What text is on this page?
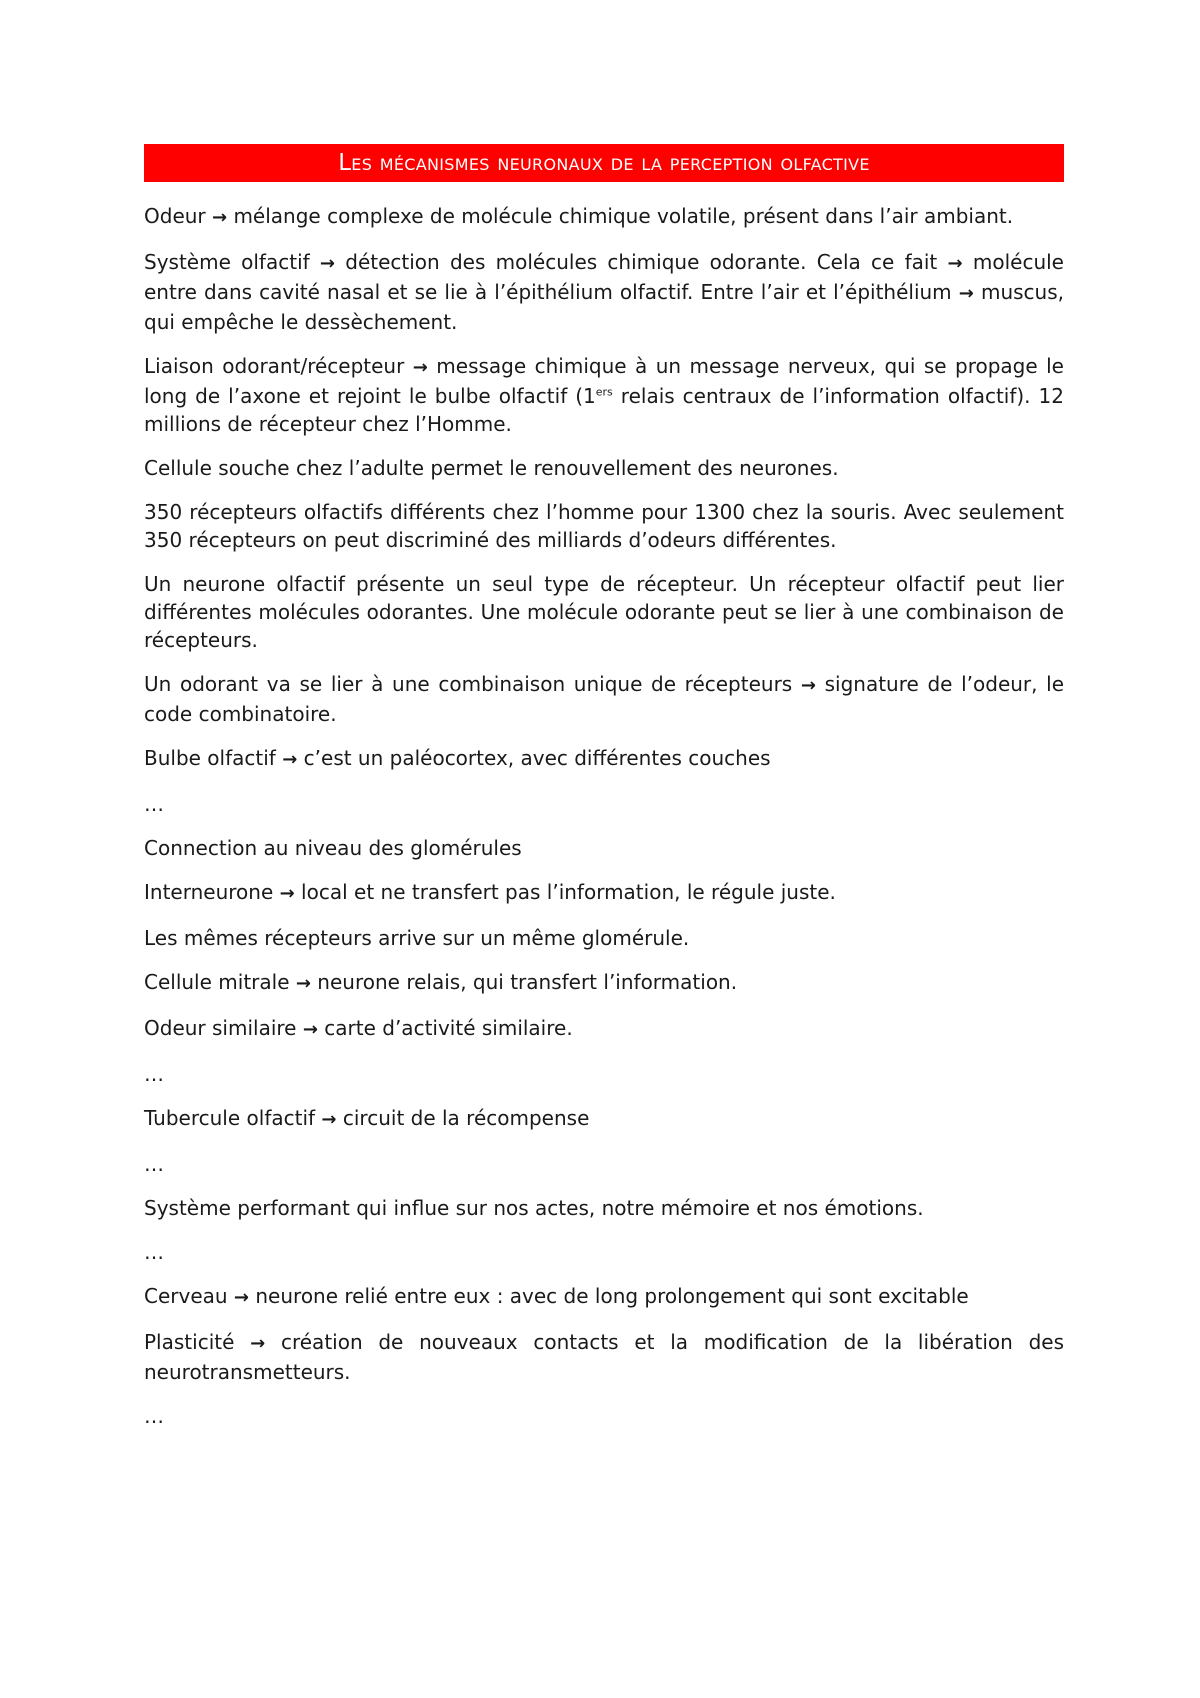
Les mécanismes neuronaux de la perception olfactive

Odeur → mélange complexe de molécule chimique volatile, présent dans l’air ambiant.

Système olfactif → détection des molécules chimique odorante. Cela ce fait → molécule entre dans cavité nasal et se lie à l’épithélium olfactif. Entre l’air et l’épithélium → muscus, qui empêche le dessèchement.

Liaison odorant/récepteur → message chimique à un message nerveux, qui se propage le long de l’axone et rejoint le bulbe olfactif (1ers relais centraux de l’information olfactif). 12 millions de récepteur chez l’Homme.

Cellule souche chez l’adulte permet le renouvellement des neurones.

350 récepteurs olfactifs différents chez l’homme pour 1300 chez la souris. Avec seulement 350 récepteurs on peut discriminé des milliards d’odeurs différentes.

Un neurone olfactif présente un seul type de récepteur. Un récepteur olfactif peut lier différentes molécules odorantes. Une molécule odorante peut se lier à une combinaison de récepteurs.

Un odorant va se lier à une combinaison unique de récepteurs → signature de l’odeur, le code combinatoire.

Bulbe olfactif → c’est un paléocortex, avec différentes couches

…

Connection au niveau des glomérules

Interneurone → local et ne transfert pas l’information, le régule juste.

Les mêmes récepteurs arrive sur un même glomérule.

Cellule mitrale → neurone relais, qui transfert l’information.

Odeur similaire → carte d’activité similaire.

…

Tubercule olfactif → circuit de la récompense

…

Système performant qui influe sur nos actes, notre mémoire et nos émotions.

…

Cerveau → neurone relié entre eux : avec de long prolongement qui sont excitable

Plasticité → création de nouveaux contacts et la modification de la libération des neurotransmetteurs.

…
